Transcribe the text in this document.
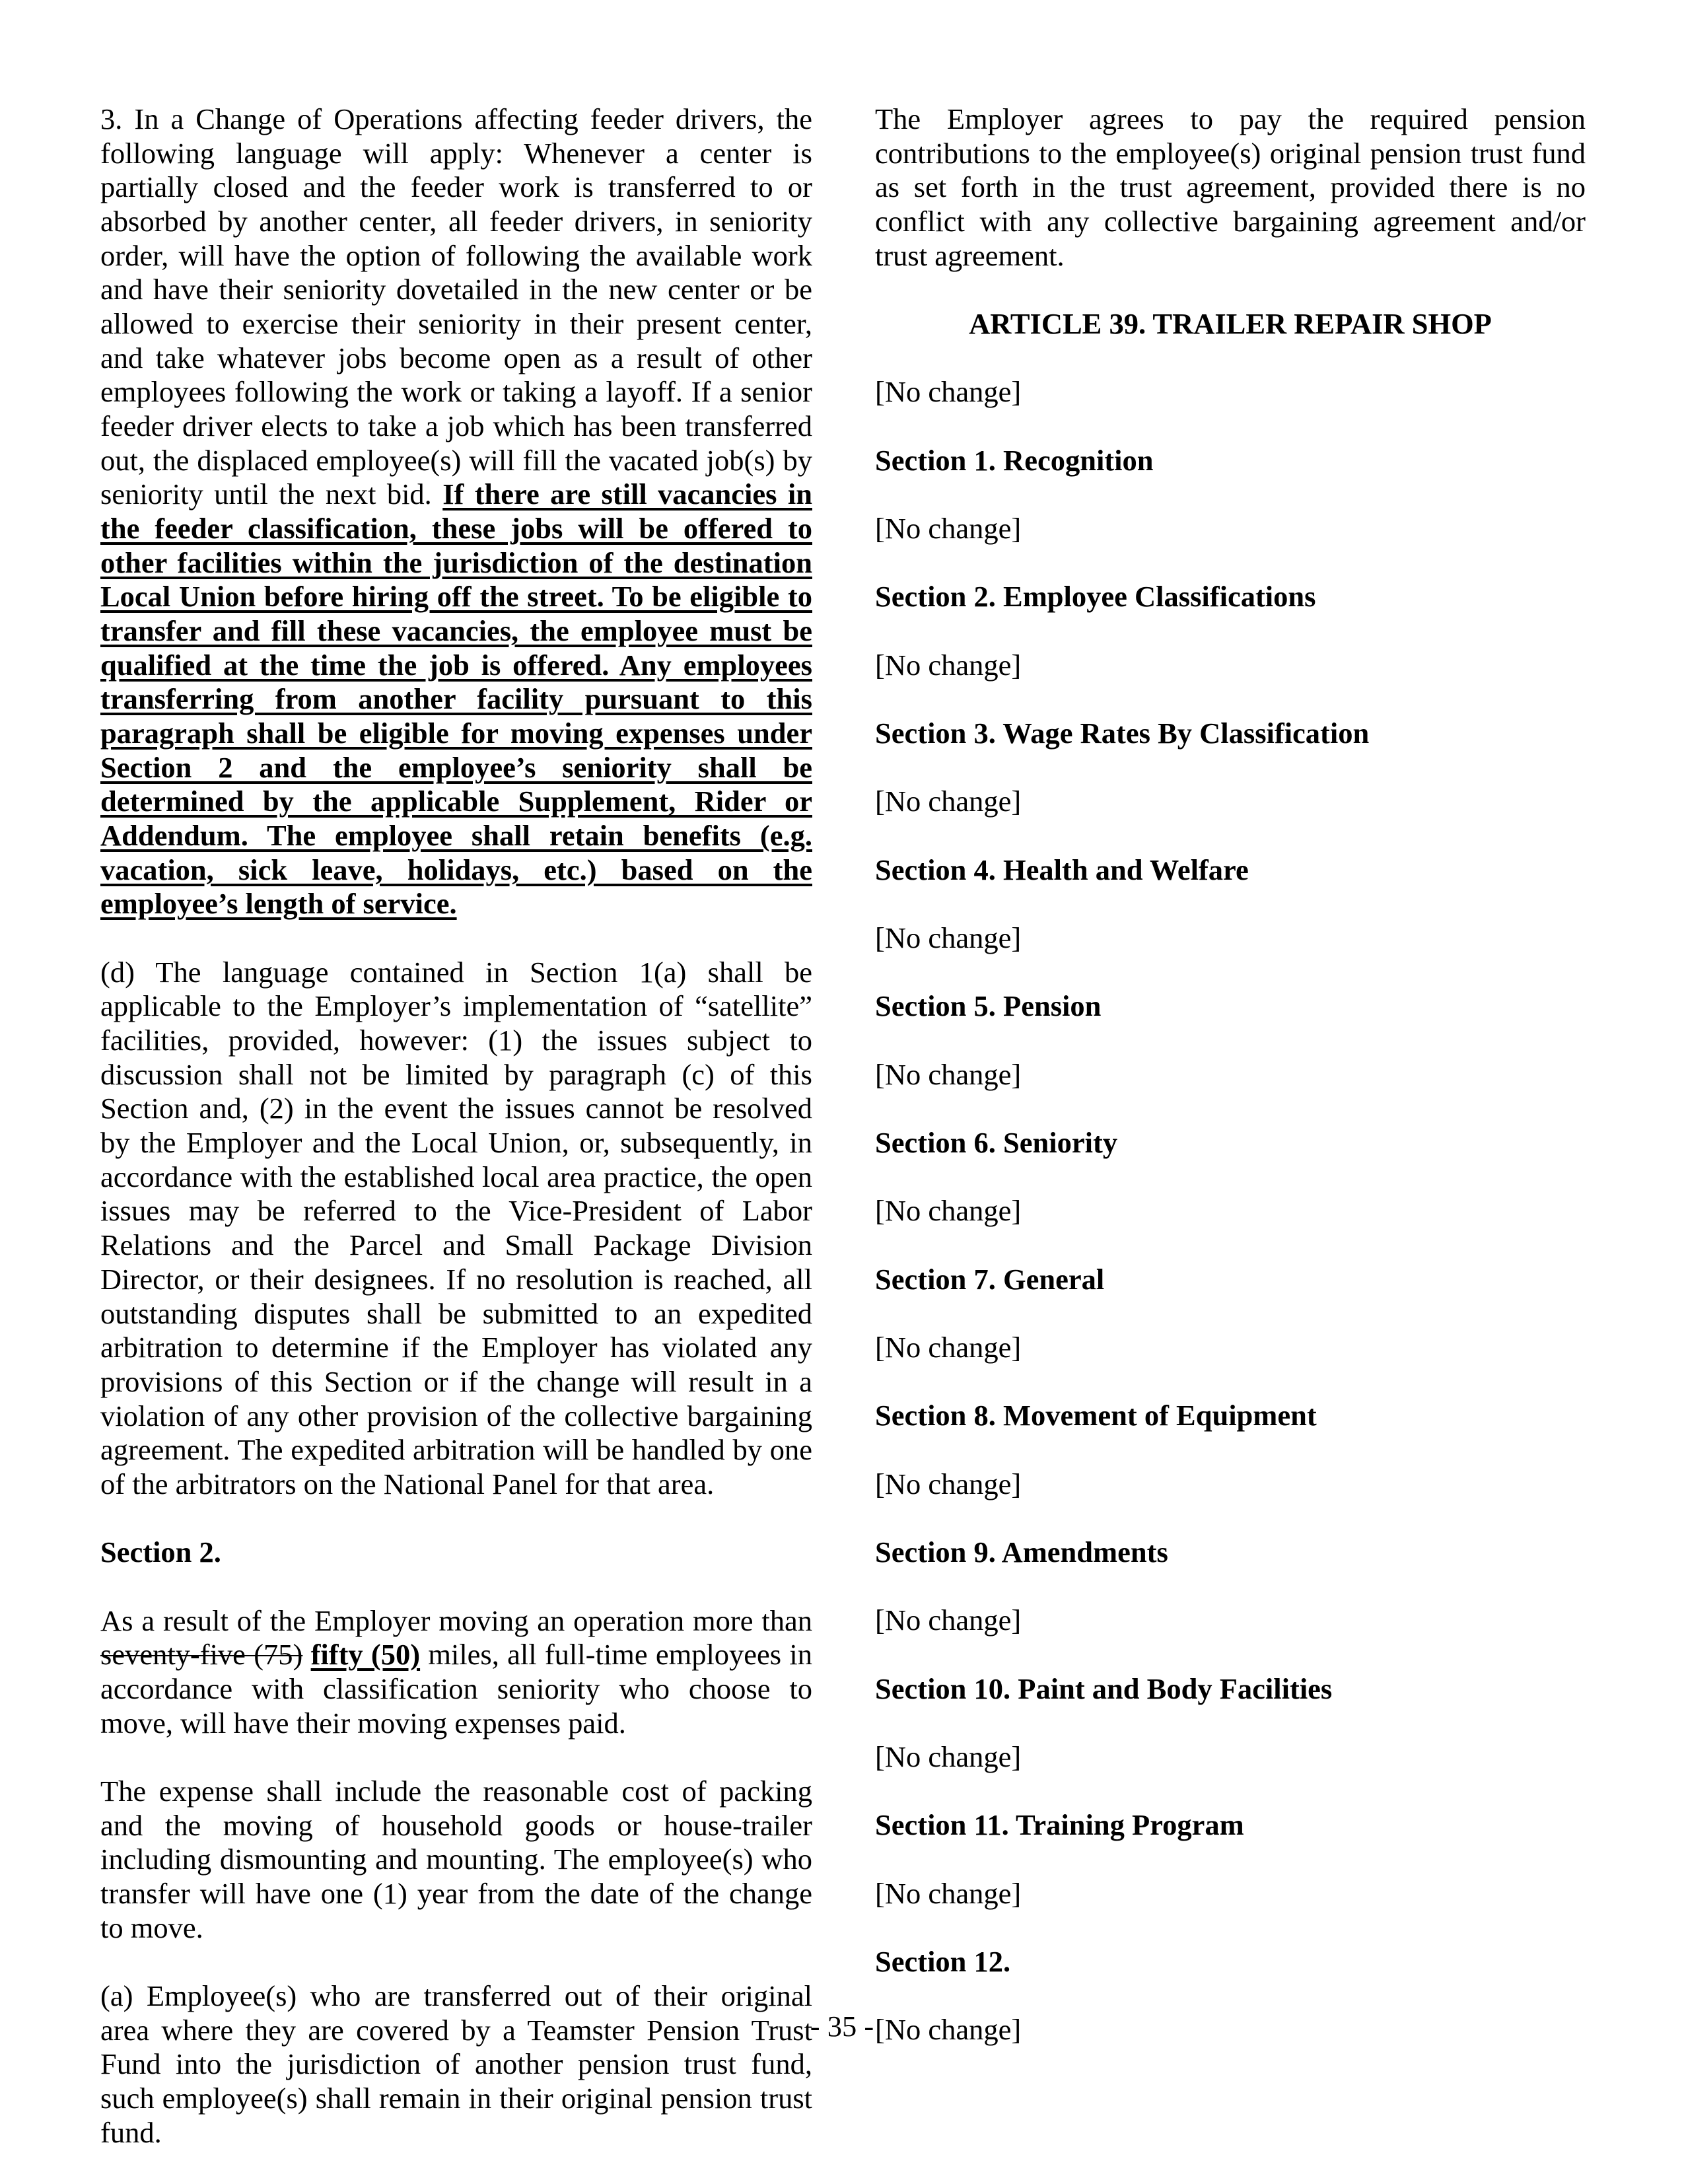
3. In a Change of Operations affecting feeder drivers, the following language will apply: Whenever a center is partially closed and the feeder work is transferred to or absorbed by another center, all feeder drivers, in seniority order, will have the option of following the available work and have their seniority dovetailed in the new center or be allowed to exercise their seniority in their present center, and take whatever jobs become open as a result of other employees following the work or taking a layoff. If a senior feeder driver elects to take a job which has been transferred out, the displaced employee(s) will fill the vacated job(s) by seniority until the next bid. If there are still vacancies in the feeder classification, these jobs will be offered to other facilities within the jurisdiction of the destination Local Union before hiring off the street. To be eligible to transfer and fill these vacancies, the employee must be qualified at the time the job is offered. Any employees transferring from another facility pursuant to this paragraph shall be eligible for moving expenses under Section 2 and the employee’s seniority shall be determined by the applicable Supplement, Rider or Addendum. The employee shall retain benefits (e.g. vacation, sick leave, holidays, etc.) based on the employee’s length of service.

(d) The language contained in Section 1(a) shall be applicable to the Employer’s implementation of “satellite” facilities, provided, however: (1) the issues subject to discussion shall not be limited by paragraph (c) of this Section and, (2) in the event the issues cannot be resolved by the Employer and the Local Union, or, subsequently, in accordance with the established local area practice, the open issues may be referred to the Vice-President of Labor Relations and the Parcel and Small Package Division Director, or their designees. If no resolution is reached, all outstanding disputes shall be submitted to an expedited arbitration to determine if the Employer has violated any provisions of this Section or if the change will result in a violation of any other provision of the collective bargaining agreement. The expedited arbitration will be handled by one of the arbitrators on the National Panel for that area.

Section 2.

As a result of the Employer moving an operation more than seventy-five (75) fifty (50) miles, all full-time employees in accordance with classification seniority who choose to move, will have their moving expenses paid.

The expense shall include the reasonable cost of packing and the moving of household goods or house-trailer including dismounting and mounting. The employee(s) who transfer will have one (1) year from the date of the change to move.

(a) Employee(s) who are transferred out of their original area where they are covered by a Teamster Pension Trust Fund into the jurisdiction of another pension trust fund, such employee(s) shall remain in their original pension trust fund.

The Employer agrees to pay the required pension contributions to the employee(s) original pension trust fund as set forth in the trust agreement, provided there is no conflict with any collective bargaining agreement and/or trust agreement.

ARTICLE 39. TRAILER REPAIR SHOP

[No change]

Section 1. Recognition

[No change]

Section 2. Employee Classifications

[No change]

Section 3. Wage Rates By Classification

[No change]

Section 4. Health and Welfare

[No change]

Section 5. Pension

[No change]

Section 6. Seniority

[No change]

Section 7. General

[No change]

Section 8. Movement of Equipment

[No change]

Section 9. Amendments

[No change]

Section 10. Paint and Body Facilities

[No change]

Section 11. Training Program

[No change]

Section 12.

[No change]

- 35 -
